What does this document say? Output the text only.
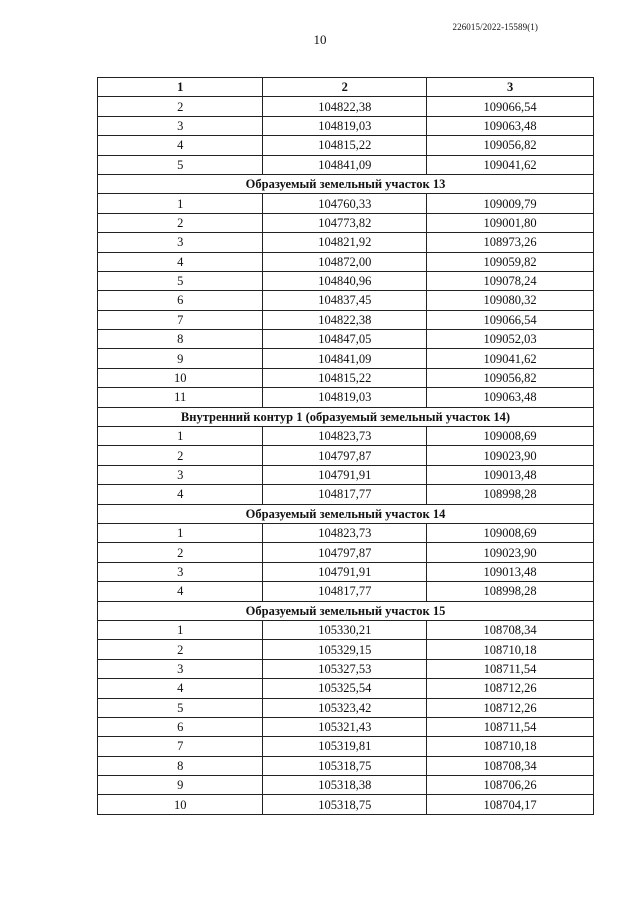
226015/2022-15589(1)
10
1	2	3
2	104822,38	109066,54
3	104819,03	109063,48
4	104815,22	109056,82
5	104841,09	109041,62
Образуемый земельный участок 13		
1	104760,33	109009,79
2	104773,82	109001,80
3	104821,92	108973,26
4	104872,00	109059,82
5	104840,96	109078,24
6	104837,45	109080,32
7	104822,38	109066,54
8	104847,05	109052,03
9	104841,09	109041,62
10	104815,22	109056,82
11	104819,03	109063,48
Внутренний контур 1 (образуемый земельный участок 14)		
1	104823,73	109008,69
2	104797,87	109023,90
3	104791,91	109013,48
4	104817,77	108998,28
Образуемый земельный участок 14		
1	104823,73	109008,69
2	104797,87	109023,90
3	104791,91	109013,48
4	104817,77	108998,28
Образуемый земельный участок 15		
1	105330,21	108708,34
2	105329,15	108710,18
3	105327,53	108711,54
4	105325,54	108712,26
5	105323,42	108712,26
6	105321,43	108711,54
7	105319,81	108710,18
8	105318,75	108708,34
9	105318,38	108706,26
10	105318,75	108704,17
